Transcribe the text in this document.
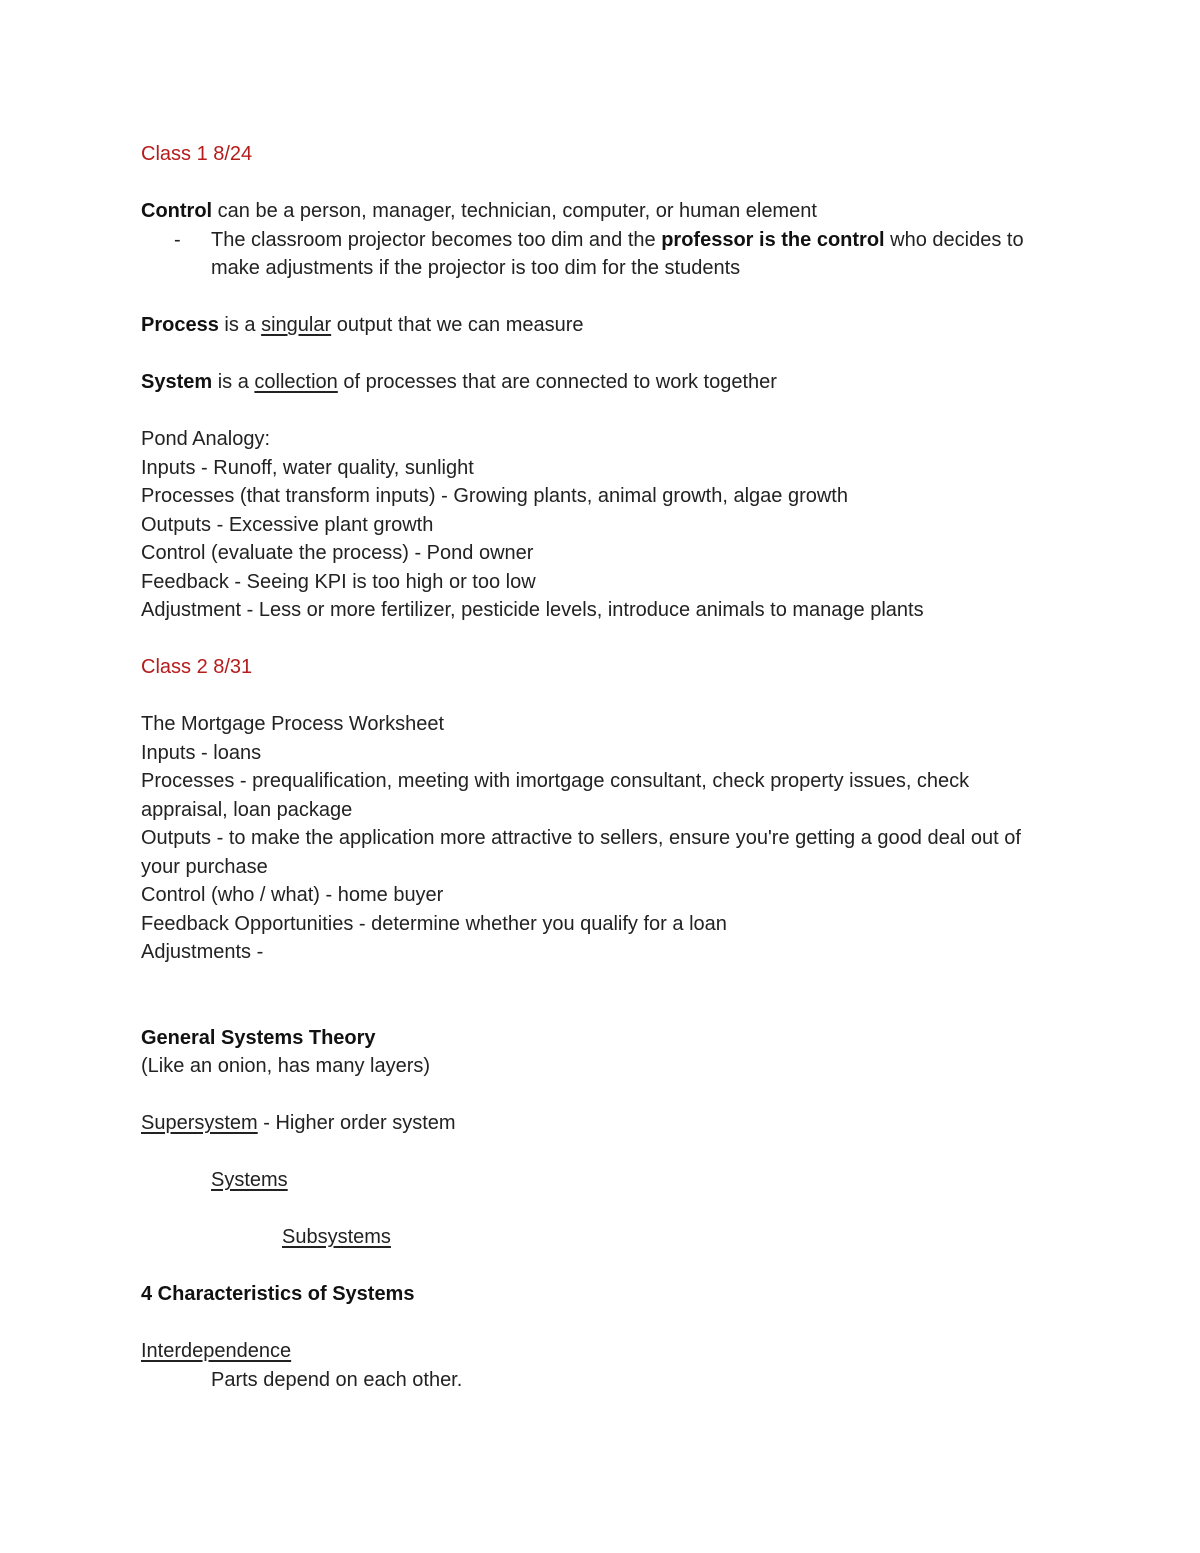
Class 1 8/24
Control can be a person, manager, technician, computer, or human element
-	The classroom projector becomes too dim and the professor is the control who decides to make adjustments if the projector is too dim for the students
Process is a singular output that we can measure
System is a collection of processes that are connected to work together
Pond Analogy:
Inputs - Runoff, water quality, sunlight
Processes (that transform inputs) - Growing plants, animal growth, algae growth
Outputs - Excessive plant growth
Control (evaluate the process) - Pond owner
Feedback - Seeing KPI is too high or too low
Adjustment - Less or more fertilizer, pesticide levels, introduce animals to manage plants
Class 2 8/31
The Mortgage Process Worksheet
Inputs - loans
Processes - prequalification, meeting with imortgage consultant, check property issues, check appraisal, loan package
Outputs - to make the application more attractive to sellers, ensure you're getting a good deal out of your purchase
Control (who / what) - home buyer
Feedback Opportunities - determine whether you qualify for a loan
Adjustments -
General Systems Theory
(Like an onion, has many layers)
Supersystem - Higher order system
Systems
Subsystems
4 Characteristics of Systems
Interdependence
Parts depend on each other.
